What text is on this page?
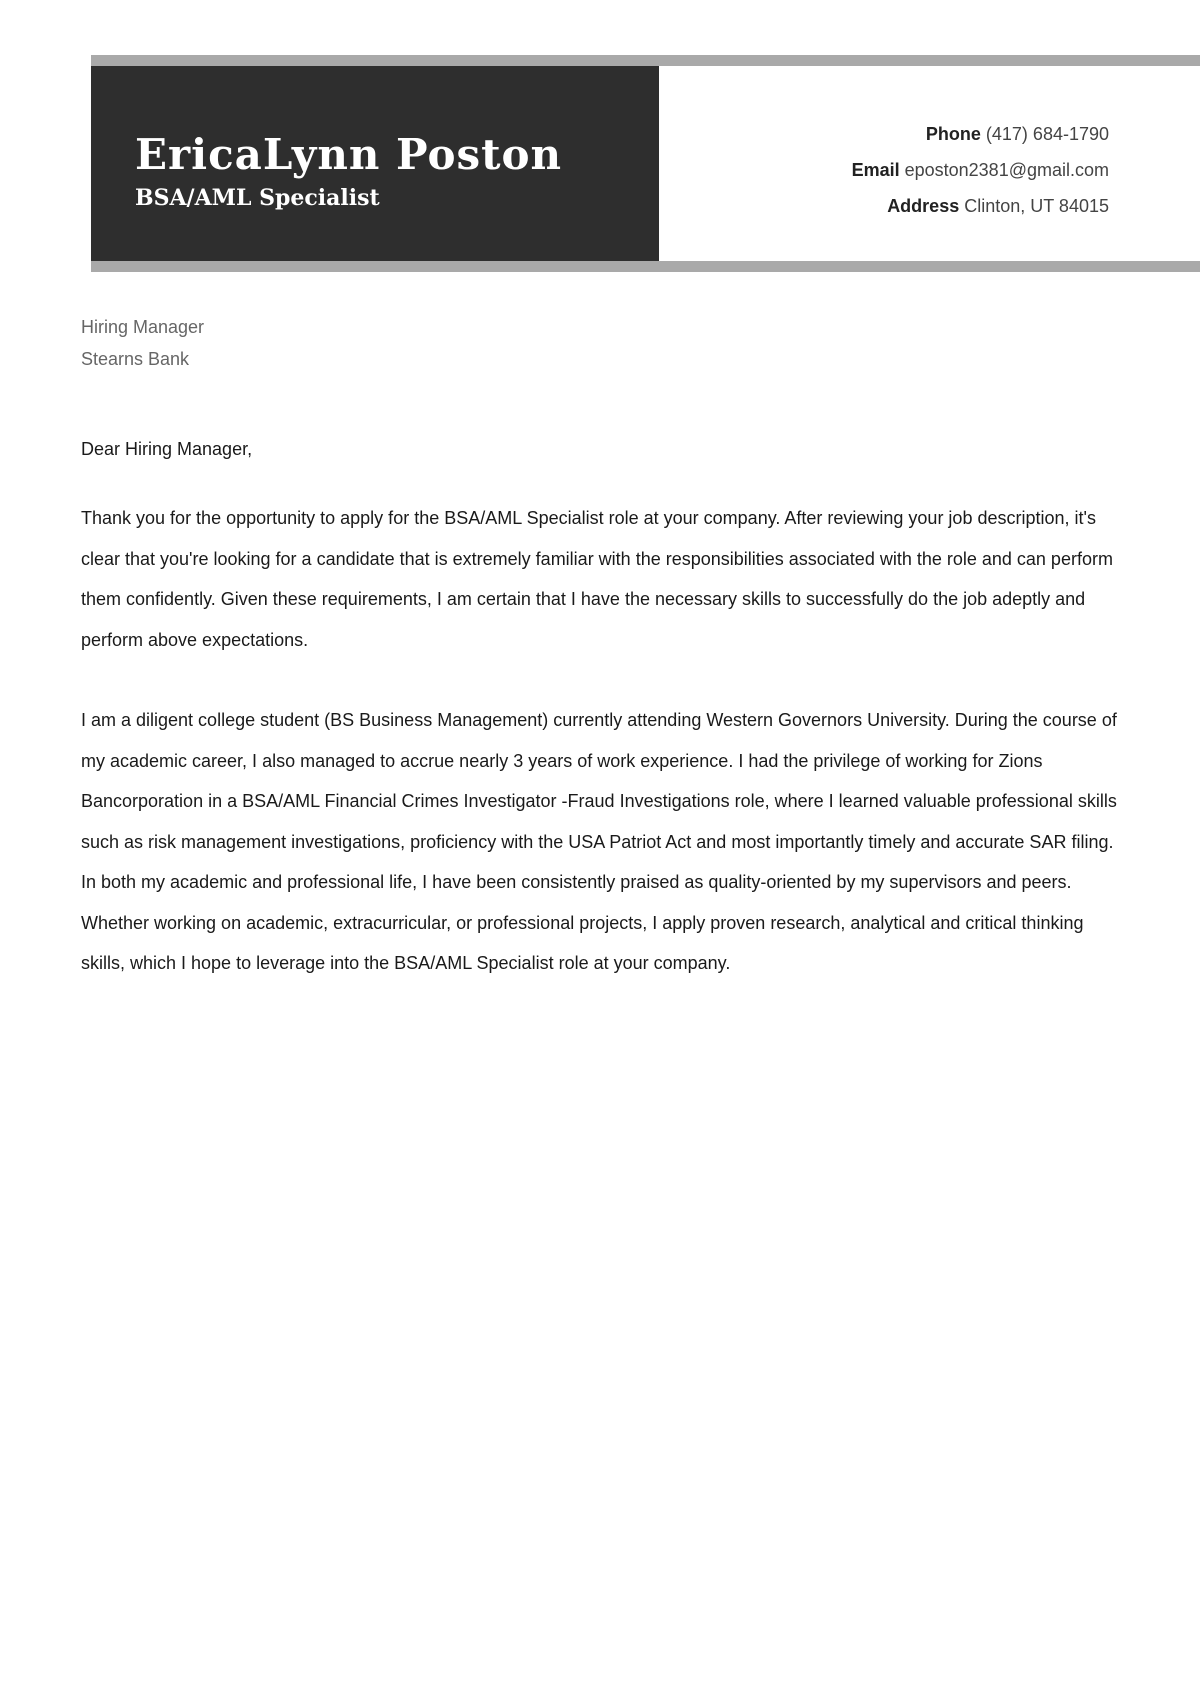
EricaLynn Poston
BSA/AML Specialist
Phone (417) 684-1790
Email eposton2381@gmail.com
Address Clinton, UT 84015
Hiring Manager
Stearns Bank
Dear Hiring Manager,

Thank you for the opportunity to apply for the BSA/AML Specialist role at your company. After reviewing your job description, it's clear that you're looking for a candidate that is extremely familiar with the responsibilities associated with the role and can perform them confidently. Given these requirements, I am certain that I have the necessary skills to successfully do the job adeptly and perform above expectations.

I am a diligent college student (BS Business Management) currently attending Western Governors University. During the course of my academic career, I also managed to accrue nearly 3 years of work experience. I had the privilege of working for Zions Bancorporation in a BSA/AML Financial Crimes Investigator -Fraud Investigations role, where I learned valuable professional skills such as risk management investigations, proficiency with the USA Patriot Act and most importantly timely and accurate SAR filing. In both my academic and professional life, I have been consistently praised as quality-oriented by my supervisors and peers. Whether working on academic, extracurricular, or professional projects, I apply proven research, analytical and critical thinking skills, which I hope to leverage into the BSA/AML Specialist role at your company.
